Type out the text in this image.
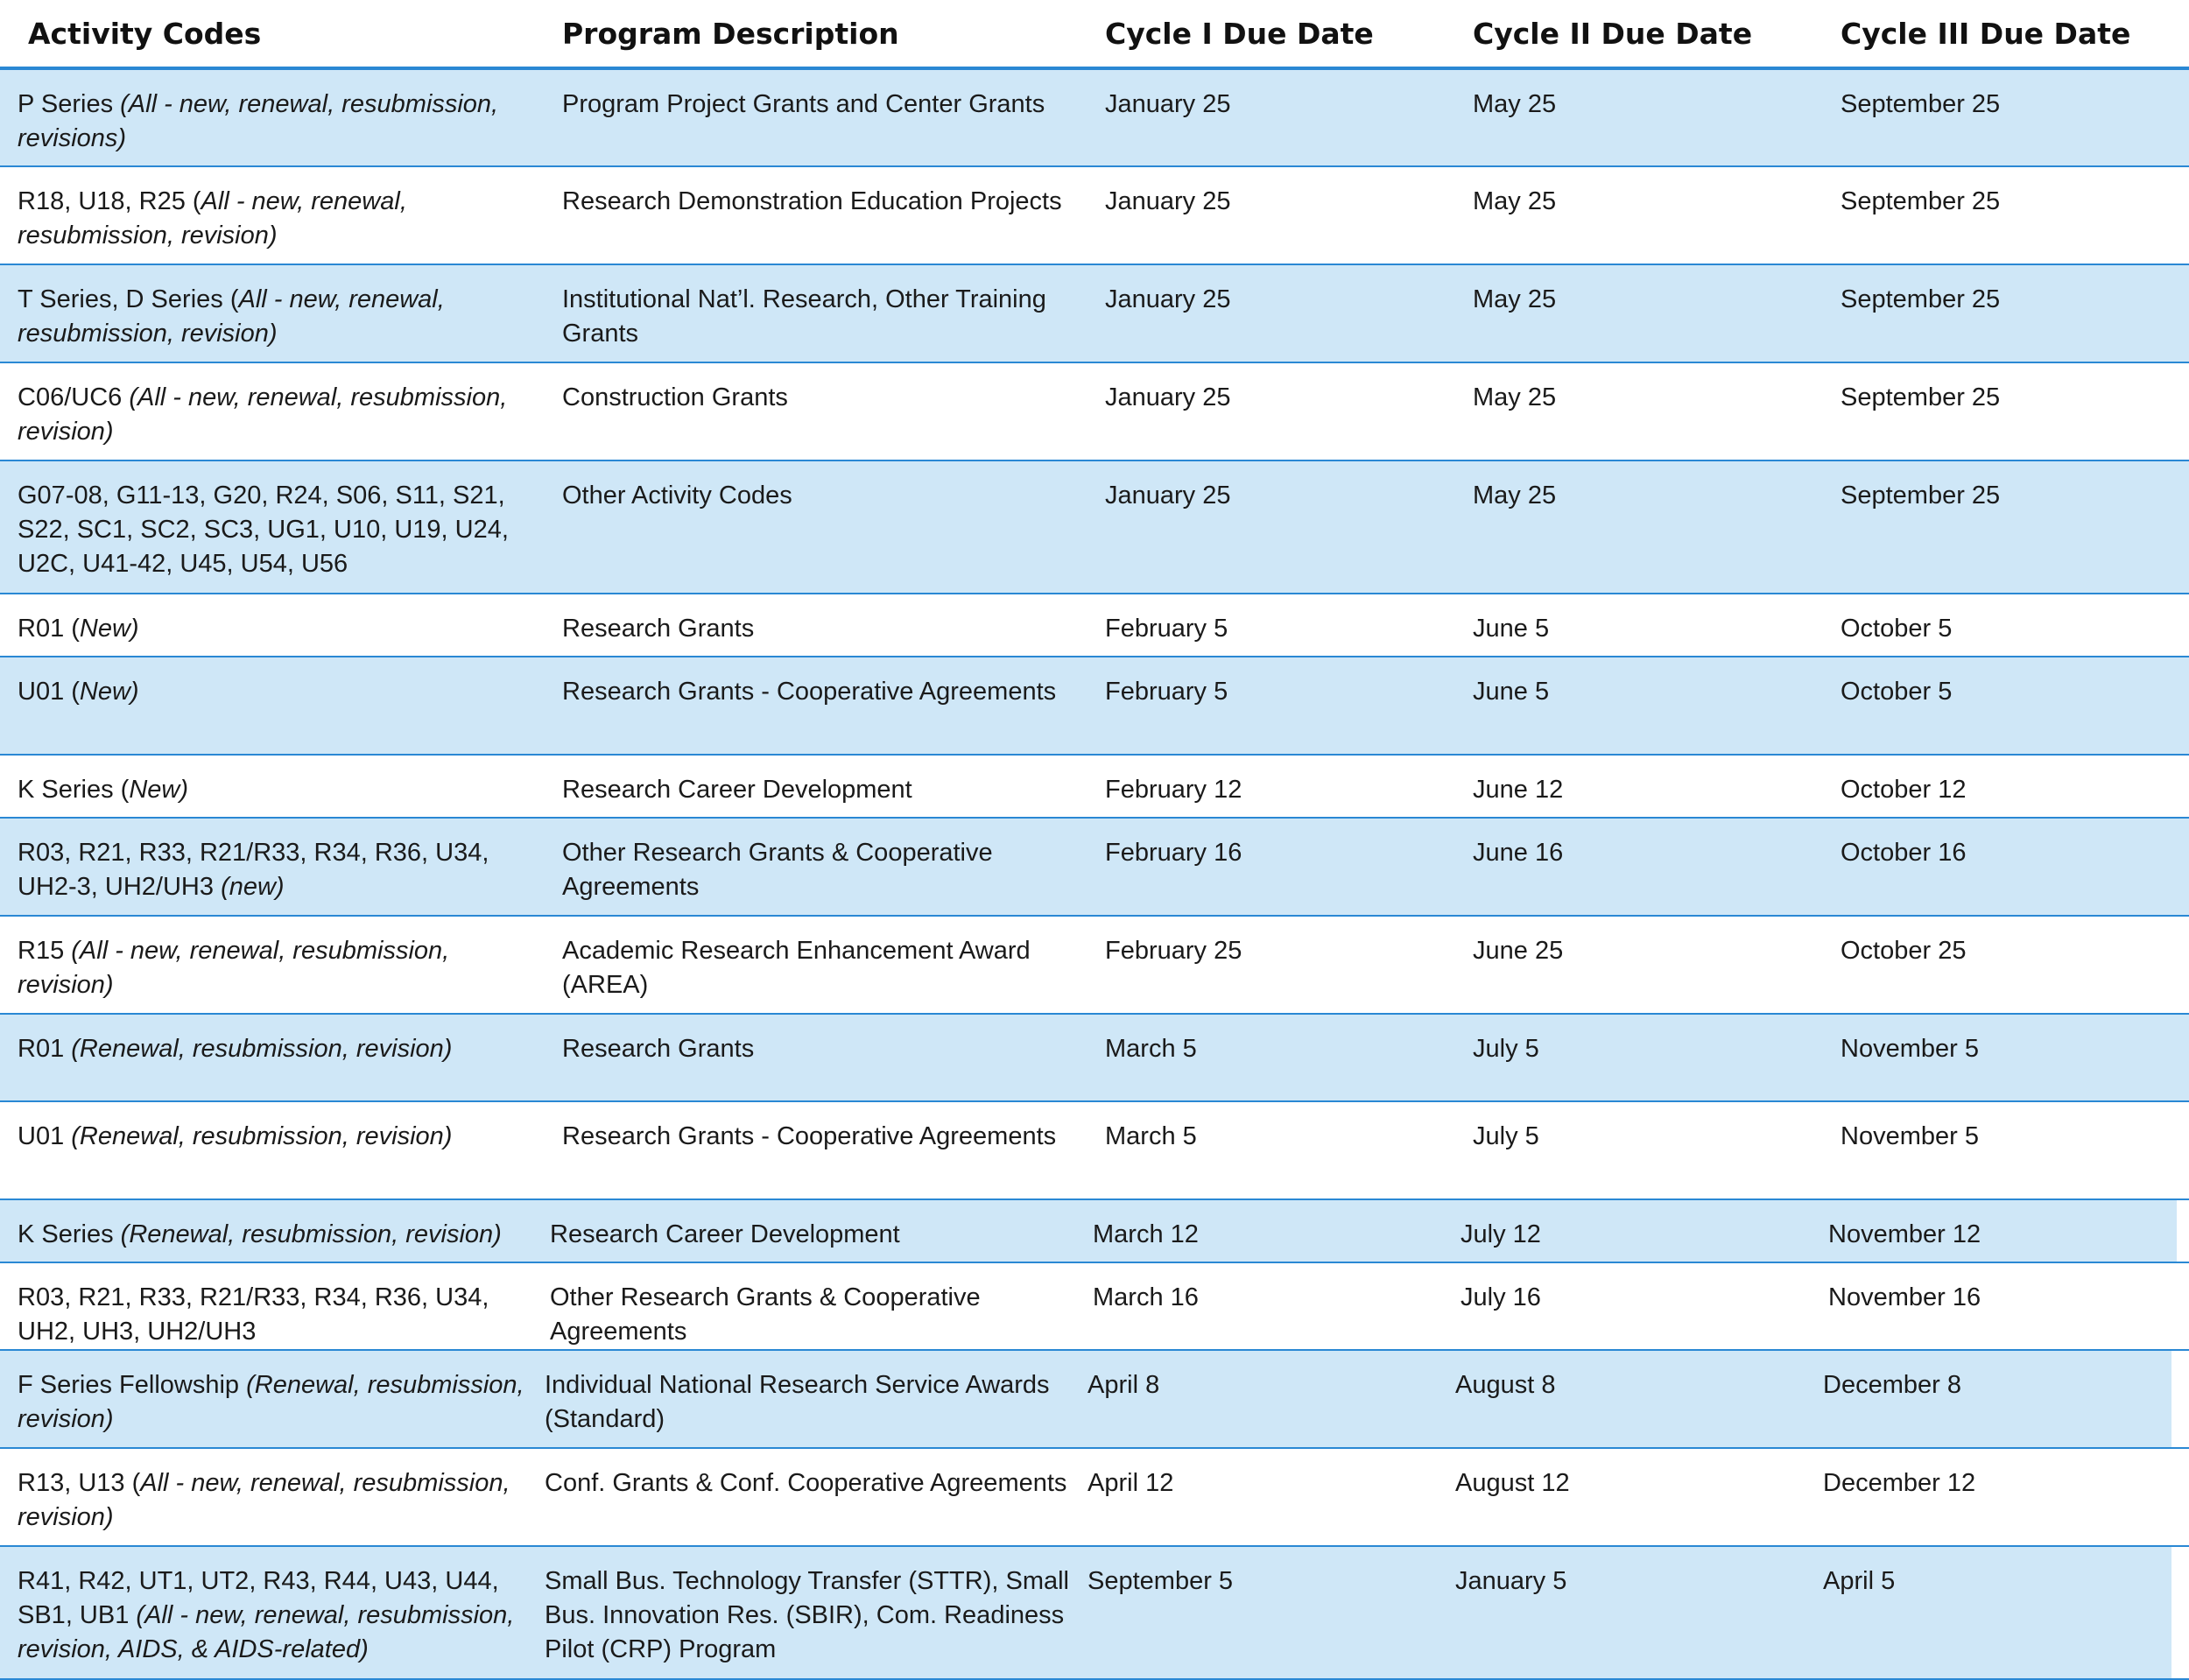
Activity Codes	Program Description	Cycle I Due Date	Cycle II Due Date	Cycle III Due Date
P Series (All - new, renewal, resubmission, revisions)	Program Project Grants and Center Grants	January 25	May 25	September 25
R18, U18, R25 (All - new, renewal, resubmission, revision)	Research Demonstration Education Projects	January 25	May 25	September 25
T Series, D Series (All - new, renewal, resubmission, revision)	Institutional Nat’l. Research, Other Training Grants	January 25	May 25	September 25
C06/UC6 (All - new, renewal, resubmission, revision)	Construction Grants	January 25	May 25	September 25
G07-08, G11-13, G20, R24, S06, S11, S21, S22, SC1, SC2, SC3, UG1, U10, U19, U24, U2C, U41-42, U45, U54, U56	Other Activity Codes	January 25	May 25	September 25
R01 (New)	Research Grants	February 5	June 5	October 5
U01 (New)	Research Grants - Cooperative Agreements	February 5	June 5	October 5
K Series (New)	Research Career Development	February 12	June 12	October 12
R03, R21, R33, R21/R33, R34, R36, U34, UH2-3, UH2/UH3 (new)	Other Research Grants & Cooperative Agreements	February 16	June 16	October 16
R15 (All - new, renewal, resubmission, revision)	Academic Research Enhancement Award (AREA)	February 25	June 25	October 25
R01 (Renewal, resubmission, revision)	Research Grants	March 5	July 5	November 5
U01 (Renewal, resubmission, revision)	Research Grants - Cooperative Agreements	March 5	July 5	November 5
K Series (Renewal, resubmission, revision)	Research Career Development	March 12	July 12	November 12
R03, R21, R33, R21/R33, R34, R36, U34, UH2, UH3, UH2/UH3	Other Research Grants & Cooperative Agreements	March 16	July 16	November 16
F Series Fellowship (Renewal, resubmission, revision)	Individual National Research Service Awards (Standard)	April 8	August 8	December 8
R13, U13 (All - new, renewal, resubmission, revision)	Conf. Grants & Conf. Cooperative Agreements	April 12	August 12	December 12
R41, R42, UT1, UT2, R43, R44, U43, U44, SB1, UB1 (All - new, renewal, resubmission, revision, AIDS, & AIDS-related)	Small Bus. Technology Transfer (STTR), Small Bus. Innovation Res. (SBIR), Com. Readiness Pilot (CRP) Program	September 5	January 5	April 5
